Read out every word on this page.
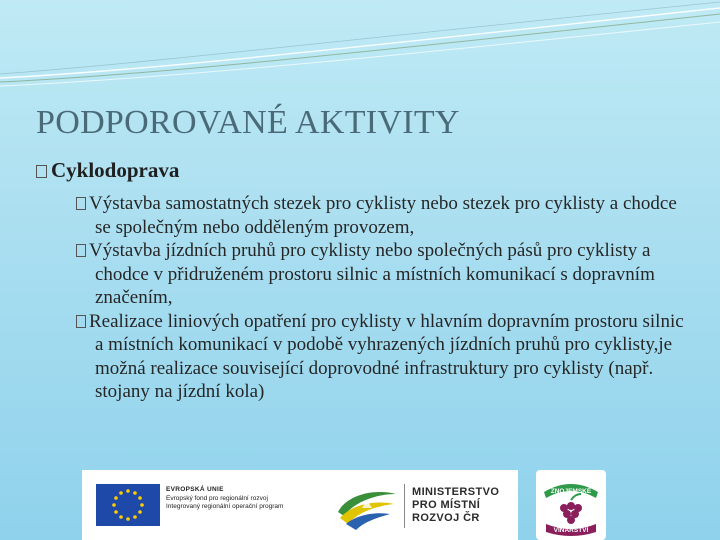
PODPOROVANÉ AKTIVITY
Cyklodoprava

Výstavba samostatných stezek pro cyklisty nebo stezek pro cyklisty a chodce se společným nebo odděleným provozem,

Výstavba jízdních pruhů pro cyklisty nebo společných pásů pro cyklisty a chodce v přidruženém prostoru silnic a místních komunikací s dopravním značením,

Realizace liniových opatření pro cyklisty v hlavním dopravním prostoru silnic a místních komunikací v podobě vyhrazených jízdních pruhů pro cyklisty,je možná realizace související doprovodné infrastruktury pro cyklisty (např. stojany na jízdní kola)

EVROPSKÁ UNIE
Evropský fond pro regionální rozvoj
Integrovaný regionální operační program
MINISTERSTVO
PRO MÍSTNÍ
ROZVOJ ČR
ZNOJEMSKÉ
VINARSTVÍ
